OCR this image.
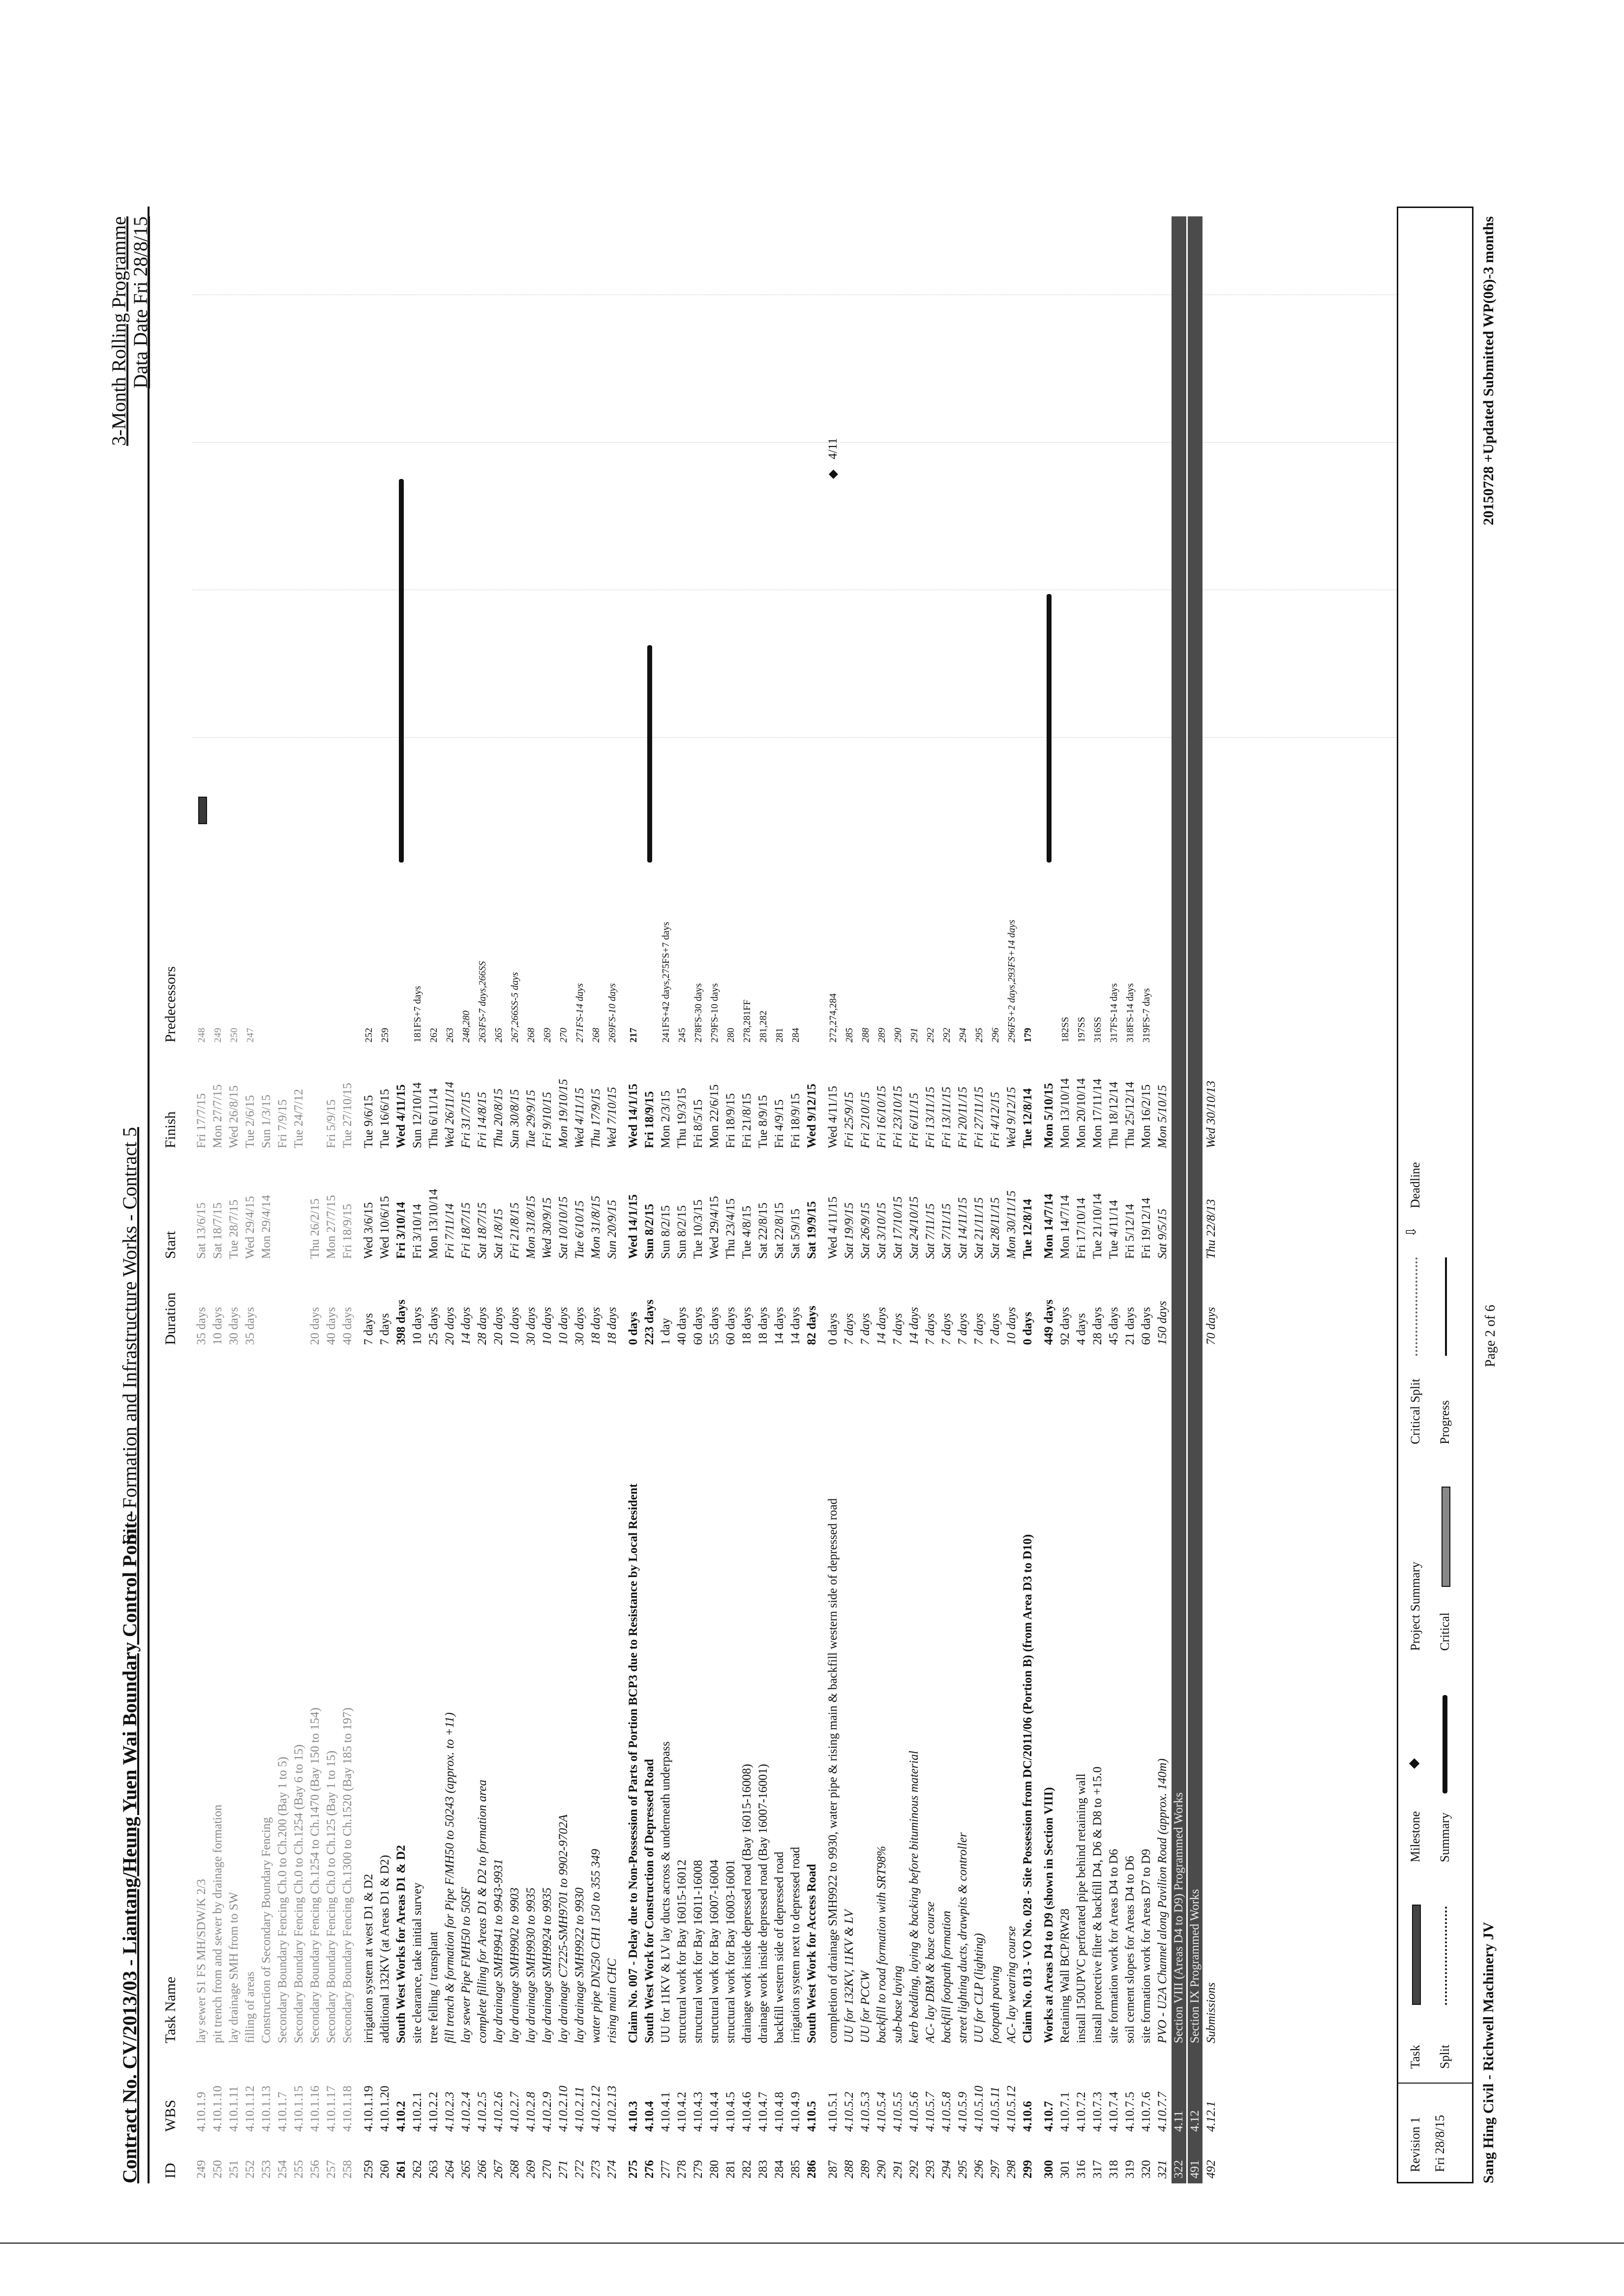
Contract No. CV/2013/03 - Liantang/Heung Yuen Wai Boundary Control Point -
Site Formation and Infrastructure Works - Contract 5
3-Month Rolling Programme Data Date Fri 28/8/15
ID
WBS
Task Name
Duration
Start
Finish
Predecessors
249
4.10.1.9
lay sewer S1 FS MH/SDW/K 2/3
35 days
Sat 13/6/15
Fri 17/7/15
248
250
4.10.1.10
pit trench from and sewer by drainage formation
10 days
Sat 18/7/15
Mon 27/7/15
249
251
4.10.1.11
lay drainage SMH from to SW
30 days
Tue 28/7/15
Wed 26/8/15
250
252
4.10.1.12
filling of areas
35 days
Wed 29/4/15
Tue 2/6/15
247
253
4.10.1.13
Construction of Secondary Boundary Fencing
Mon 29/4/14
Sun 1/3/15
254
4.10.1.7
Secondary Boundary Fencing Ch.0 to Ch.200 (Bay 1 to 5)
Fri 7/9/15
255
4.10.1.15
Secondary Boundary Fencing Ch.0 to Ch.1254 (Bay 6 to 15)
Tue 24/7/12
256
4.10.1.16
Secondary Boundary Fencing Ch.1254 to Ch.1470 (Bay 150 to 154)
20 days
Thu 26/2/15
257
4.10.1.17
Secondary Boundary Fencing Ch.0 to Ch.125 (Bay 1 to 15)
40 days
Mon 27/7/15
Fri 5/9/15
258
4.10.1.18
Secondary Boundary Fencing Ch.1300 to Ch.1520 (Bay 185 to 197)
40 days
Fri 18/9/15
Tue 27/10/15
259
4.10.1.19
irrigation system at west D1 & D2
7 days
Wed 3/6/15
Tue 9/6/15
252
260
4.10.1.20
additional 132KV (at Areas D1 & D2)
7 days
Wed 10/6/15
Tue 16/6/15
259
261
4.10.2
South West Works for Areas D1 & D2
398 days
Fri 3/10/14
Wed 4/11/15
262
4.10.2.1
site clearance, take initial survey
10 days
Fri 3/10/14
Sun 12/10/14
181FS+7 days
263
4.10.2.2
tree felling / transplant
25 days
Mon 13/10/14
Thu 6/11/14
262
264
4.10.2.3
fill trench & formation for Pipe F/MH50 to 50243 (approx. to +11)
20 days
Fri 7/11/14
Wed 26/11/14
263
265
4.10.2.4
lay sewer Pipe FMH50 to 50SF
14 days
Fri 18/7/15
Fri 31/7/15
248,280
266
4.10.2.5
complete filling for Areas D1 & D2 to formation area
28 days
Sat 18/7/15
Fri 14/8/15
263FS-7 days,266SS
267
4.10.2.6
lay drainage SMH9941 to 9943-9931
20 days
Sat 1/8/15
Thu 20/8/15
265
268
4.10.2.7
lay drainage SMH9902 to 9903
10 days
Fri 21/8/15
Sun 30/8/15
267,266SS-5 days
269
4.10.2.8
lay drainage SMH9930 to 9935
30 days
Mon 31/8/15
Tue 29/9/15
268
270
4.10.2.9
lay drainage SMH9924 to 9935
10 days
Wed 30/9/15
Fri 9/10/15
269
271
4.10.2.10
lay drainage C7225-SMH9701 to 9902-9702A
10 days
Sat 10/10/15
Mon 19/10/15
270
272
4.10.2.11
lay drainage SMH9922 to 9930
30 days
Tue 6/10/15
Wed 4/11/15
271FS-14 days
273
4.10.2.12
water pipe DN250 CH1 150 to 355 349
18 days
Mon 31/8/15
Thu 17/9/15
268
274
4.10.2.13
rising main CHC
18 days
Sun 20/9/15
Wed 7/10/15
269FS-10 days
275
4.10.3
Claim No. 007 - Delay due to Non-Possession of Parts of Portion BCP3 due to Resistance by Local Resident
0 days
Wed 14/1/15
Wed 14/1/15
217
276
4.10.4
South West Work for Construction of Depressed Road
223 days
Sun 8/2/15
Fri 18/9/15
277
4.10.4.1
UU for 11KV & LV lay ducts across & underneath underpass
1 day
Sun 8/2/15
Mon 2/3/15
241FS+42 days,275FS+7 days
278
4.10.4.2
structural work for Bay 16015-16012
40 days
Sun 8/2/15
Thu 19/3/15
245
279
4.10.4.3
structural work for Bay 16011-16008
60 days
Tue 10/3/15
Fri 8/5/15
278FS-30 days
280
4.10.4.4
structural work for Bay 16007-16004
55 days
Wed 29/4/15
Mon 22/6/15
279FS-10 days
281
4.10.4.5
structural work for Bay 16003-16001
60 days
Thu 23/4/15
Fri 18/9/15
280
282
4.10.4.6
drainage work inside depressed road (Bay 16015-16008)
18 days
Tue 4/8/15
Fri 21/8/15
278,281FF
283
4.10.4.7
drainage work inside depressed road (Bay 16007-16001)
18 days
Sat 22/8/15
Tue 8/9/15
281,282
284
4.10.4.8
backfill western side of depressed road
14 days
Sat 22/8/15
Fri 4/9/15
281
285
4.10.4.9
irrigation system next to depressed road
14 days
Sat 5/9/15
Fri 18/9/15
284
286
4.10.5
South West Work for Access Road
82 days
Sat 19/9/15
Wed 9/12/15
287
4.10.5.1
completion of drainage SMH9922 to 9930, water pipe & rising main & backfill western side of depressed road
0 days
Wed 4/11/15
Wed 4/11/15
272,274,284
◆
4/11
288
4.10.5.2
UU for 132KV, 11KV & LV
7 days
Sat 19/9/15
Fri 25/9/15
285
289
4.10.5.3
UU for PCCW
7 days
Sat 26/9/15
Fri 2/10/15
288
290
4.10.5.4
backfill to road formation with SRT98%
14 days
Sat 3/10/15
Fri 16/10/15
289
291
4.10.5.5
sub-base laying
7 days
Sat 17/10/15
Fri 23/10/15
290
292
4.10.5.6
kerb bedding, laying & backing before bituminous material
14 days
Sat 24/10/15
Fri 6/11/15
291
293
4.10.5.7
AC- lay DBM & base course
7 days
Sat 7/11/15
Fri 13/11/15
292
294
4.10.5.8
backfill footpath formation
7 days
Sat 7/11/15
Fri 13/11/15
292
295
4.10.5.9
street lighting ducts, drawpits & controller
7 days
Sat 14/11/15
Fri 20/11/15
294
296
4.10.5.10
UU for CLP (lighting)
7 days
Sat 21/11/15
Fri 27/11/15
295
297
4.10.5.11
footpath paving
7 days
Sat 28/11/15
Fri 4/12/15
296
298
4.10.5.12
AC- lay wearing course
10 days
Mon 30/11/15
Wed 9/12/15
296FS+2 days,293FS+14 days
299
4.10.6
Claim No. 013 - VO No. 028 - Site Possession from DC/2011/06 (Portion B) (from Area D3 to D10)
0 days
Tue 12/8/14
Tue 12/8/14
179
300
4.10.7
Works at Areas D4 to D9 (shown in Section VIII)
449 days
Mon 14/7/14
Mon 5/10/15
301
4.10.7.1
Retaining Wall BCP/RW28
92 days
Mon 14/7/14
Mon 13/10/14
182SS
316
4.10.7.2
install 150UPVC perforated pipe behind retaining wall
4 days
Fri 17/10/14
Mon 20/10/14
197SS
317
4.10.7.3
install protective filter & backfill D4, D6 & D8 to +15.0
28 days
Tue 21/10/14
Mon 17/11/14
316SS
318
4.10.7.4
site formation work for Areas D4 to D6
45 days
Tue 4/11/14
Thu 18/12/14
317FS-14 days
319
4.10.7.5
soil cement slopes for Areas D4 to D6
21 days
Fri 5/12/14
Thu 25/12/14
318FS-14 days
320
4.10.7.6
site formation work for Areas D7 to D9
60 days
Fri 19/12/14
Mon 16/2/15
319FS-7 days
321
4.10.7.7
PVO - U2A Channel along Pavilion Road (approx. 140m)
150 days
Sat 9/5/15
Mon 5/10/15
322
4.11
Section VIII (Areas D4 to D9) Programmed Works
491
4.12
Section IX Programmed Works
492
4.12.1
Submissions
70 days
Thu 22/8/13
Wed 30/10/13
Revision 1 Fri 28/8/15
Task Split
Milestone
◆
Summary
Project Summary Critical
Critical Split Progress
Deadline
⇩
Sang Hing Civil - Richwell Machinery JV
Page 2 of 6
20150728 +Updated Submitted WP(06)-3 months
